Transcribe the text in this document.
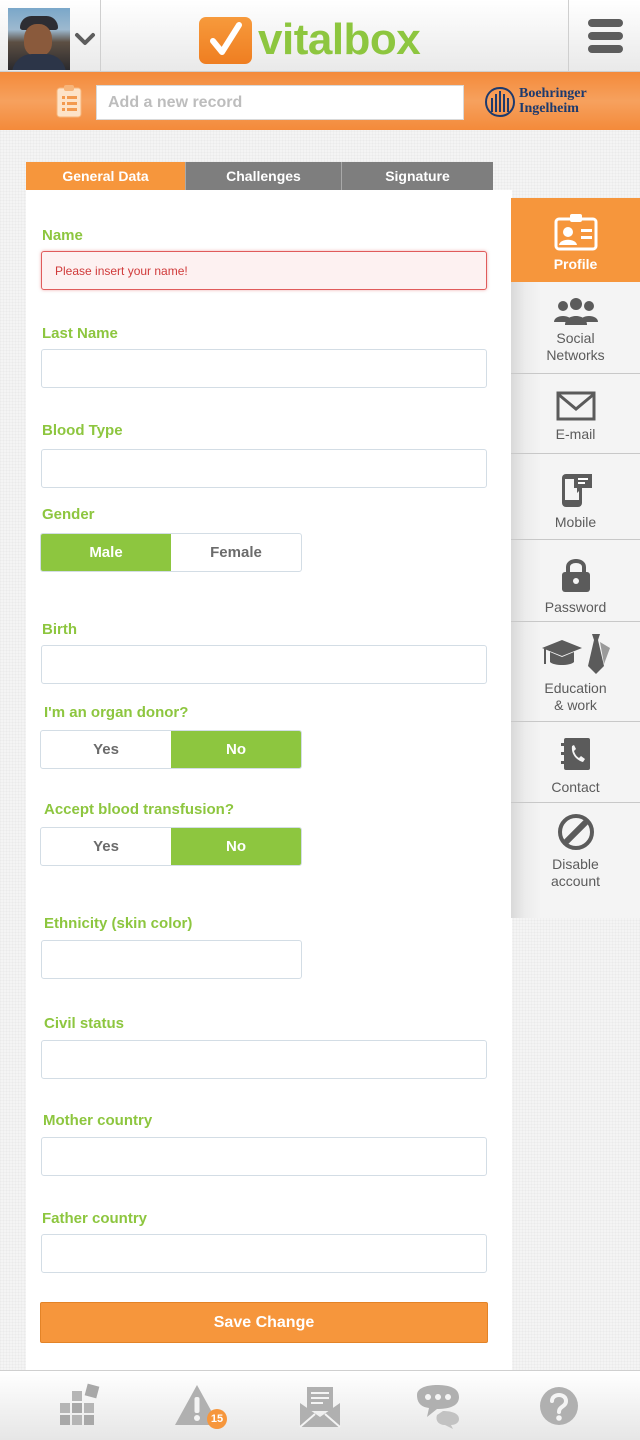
vitalbox
Add a new record
Boehringer
Ingelheim
General Data	Challenges	Signature
Name
Please insert your name!
Last Name
Blood Type
Gender
Male	Female
Birth
I'm an organ donor?
Yes	No
Accept blood transfusion?
Yes	No
Ethnicity (skin color)
Civil status
Mother country
Father country
Save Change
Profile
Social
Networks
E-mail
Mobile
Password
Education
& work
Contact
Disable
account
15
